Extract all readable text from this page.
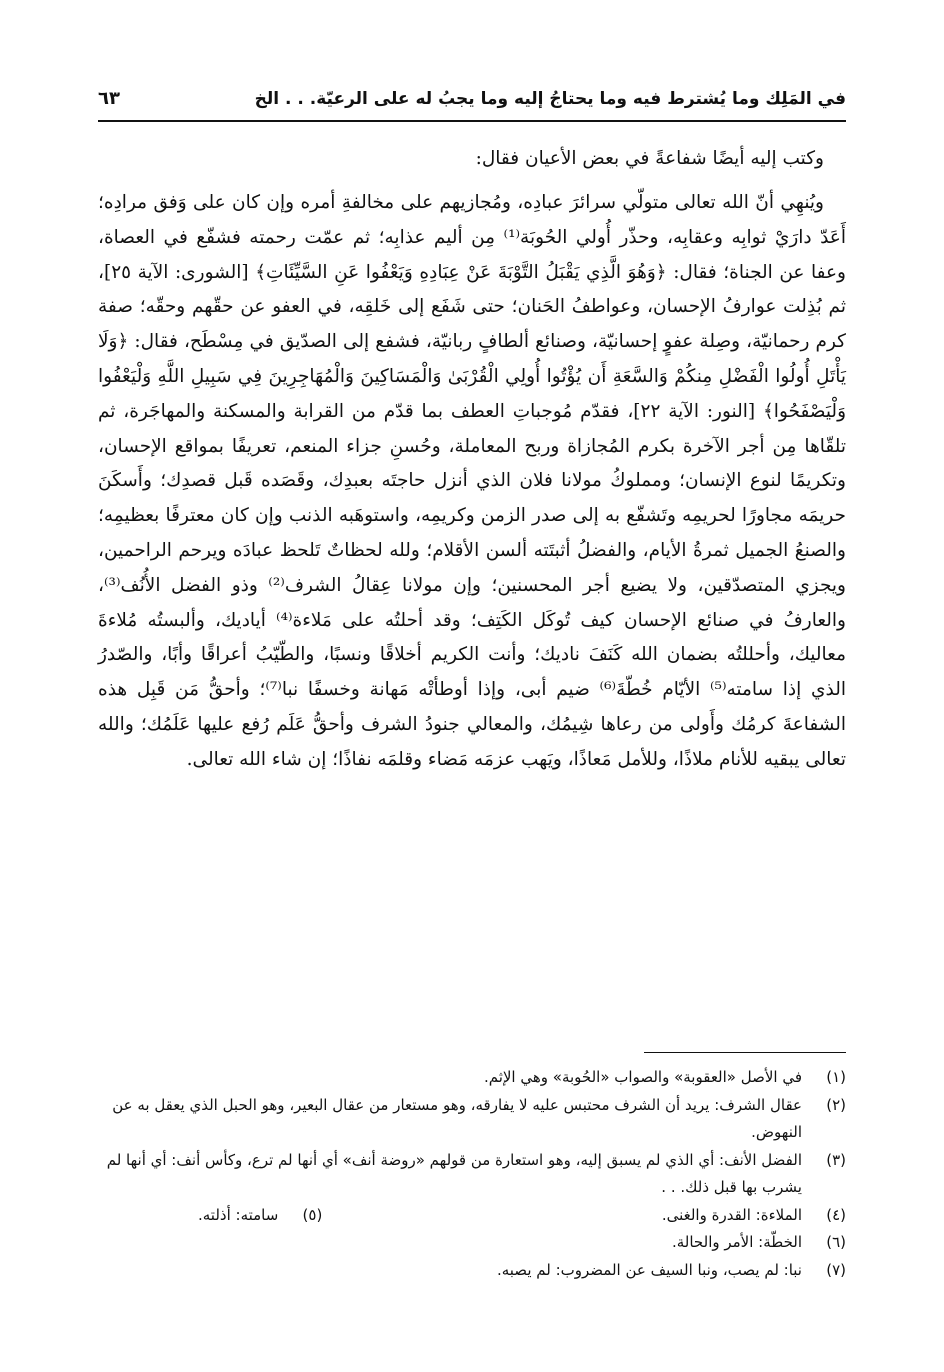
في المَلِك وما يُشترط فيه وما يحتاجُ إليه وما يجبُ له على الرعيّة. . . الخ
٦٣
وكتب إليه أيضًا شفاعةً في بعض الأعيان فقال:

ويُنهِي أنّ الله تعالى متولّي سرائرَ عبادِه، ومُجازيهم على مخالفةِ أمره وإن كان على وَفق مرادِه؛ أَعَدّ دارَيْ ثوابِه وعقابِه، وحذّر أُولي الحُوبَة⁽¹⁾ مِن أليم عذابِه؛ ثم عمّت رحمته فشفّع في العصاة، وعفا عن الجناة؛ فقال: ﴿وَهُوَ الَّذِي يَقْبَلُ التَّوْبَةَ عَنْ عِبَادِهِ وَيَعْفُوا عَنِ السَّيِّئَاتِ﴾ [الشورى: الآية ٢٥]، ثم بُذِلت عوارفُ الإحسان، وعواطفُ الحَنان؛ حتى شَفَع إلى خَلقِه، في العفو عن حقّهم وحقّه؛ صفة كرم رحمانيّة، وصِلة عفوٍ إحسانيّة، وصنائع ألطافٍ ربانيّة، فشفع إلى الصدّيق في مِسْطَح، فقال: ﴿وَلَا يَأْتَلِ أُولُوا الْفَضْلِ مِنكُمْ وَالسَّعَةِ أَن يُؤْتُوا أُولِي الْقُرْبَىٰ وَالْمَسَاكِينَ وَالْمُهَاجِرِينَ فِي سَبِيلِ اللَّهِ وَلْيَعْفُوا وَلْيَصْفَحُوا﴾ [النور: الآية ٢٢]، فقدّم مُوجباتِ العطف بما قدّم من القرابة والمسكنة والمهاجَرة، ثم تلقّاها مِن أجر الآخرة بكرم المُجازاة وربح المعاملة، وحُسنِ جزاء المنعم، تعريفًا بمواقع الإحسان، وتكريمًا لنوع الإنسان؛ ومملوكُ مولانا فلان الذي أنزل حاجتَه بعبدِك، وقَصَده قَبل قصدِك؛ وأَسكَنَ حريمَه مجاورًا لحريمِه وتَشفّع به إلى صدر الزمن وكريمِه، واستوهَبه الذنب وإن كان معترفًا بعظيمِه؛ والصنعُ الجميل ثمرةُ الأيام، والفضلُ أثبتَته ألسن الأقلام؛ ولله لحظاتٌ تَلحظ عبادَه ويرحم الراحمين، ويجزي المتصدّقين، ولا يضيع أجر المحسنين؛ وإن مولانا عِقالُ الشرف⁽²⁾ وذو الفضل الأُنُف⁽³⁾، والعارفُ في صنائع الإحسان كيف تُوكَل الكَتِف؛ وقد أحلتُه على مَلاءة⁽⁴⁾ أياديك، وألبستُه مُلاءةَ معاليك، وأحللتُه بضمان الله كَنَفَ ناديك؛ وأنت الكريم أخلاقًا ونسبًا، والطّيّبُ أعراقًا وأبًا، والصّدرُ الذي إذا سامته⁽⁵⁾ الأيّام خُطّةَ⁽⁶⁾ ضيم أبى، وإذا أوطأتْه مَهانة وخسفًا نبا⁽⁷⁾؛ وأحقُّ مَن قَبِل هذه الشفاعةَ كرمُك وأَولى من رعاها شِيمُك، والمعالي جنودُ الشرف وأحقُّ عَلَم رُفع عليها عَلَمُك؛ والله تعالى يبقيه للأنام ملاذًا، وللأمل مَعاذًا، ويَهب عزمَه مَضاء وقلمَه نفاذًا؛ إن شاء الله تعالى.

(١)
في الأصل «العقوبة» والصواب «الحُوبة» وهي الإثم.
(٢)
عقال الشرف: يريد أن الشرف محتبس عليه لا يفارقه، وهو مستعار من عقال البعير، وهو الحبل الذي يعقل به عن النهوض.
(٣)
الفضل الأنف: أي الذي لم يسبق إليه، وهو استعارة من قولهم «روضة أنف» أي أنها لم ترع، وكأس أنف: أي أنها لم يشرب بها قبل ذلك. . .
(٤)
الملاءة: القدرة والغنى.
(٥)
سامته: أذلته.
(٦)
الخطّة: الأمر والحالة.
(٧)
نبا: لم يصب، ونبا السيف عن المضروب: لم يصبه.
